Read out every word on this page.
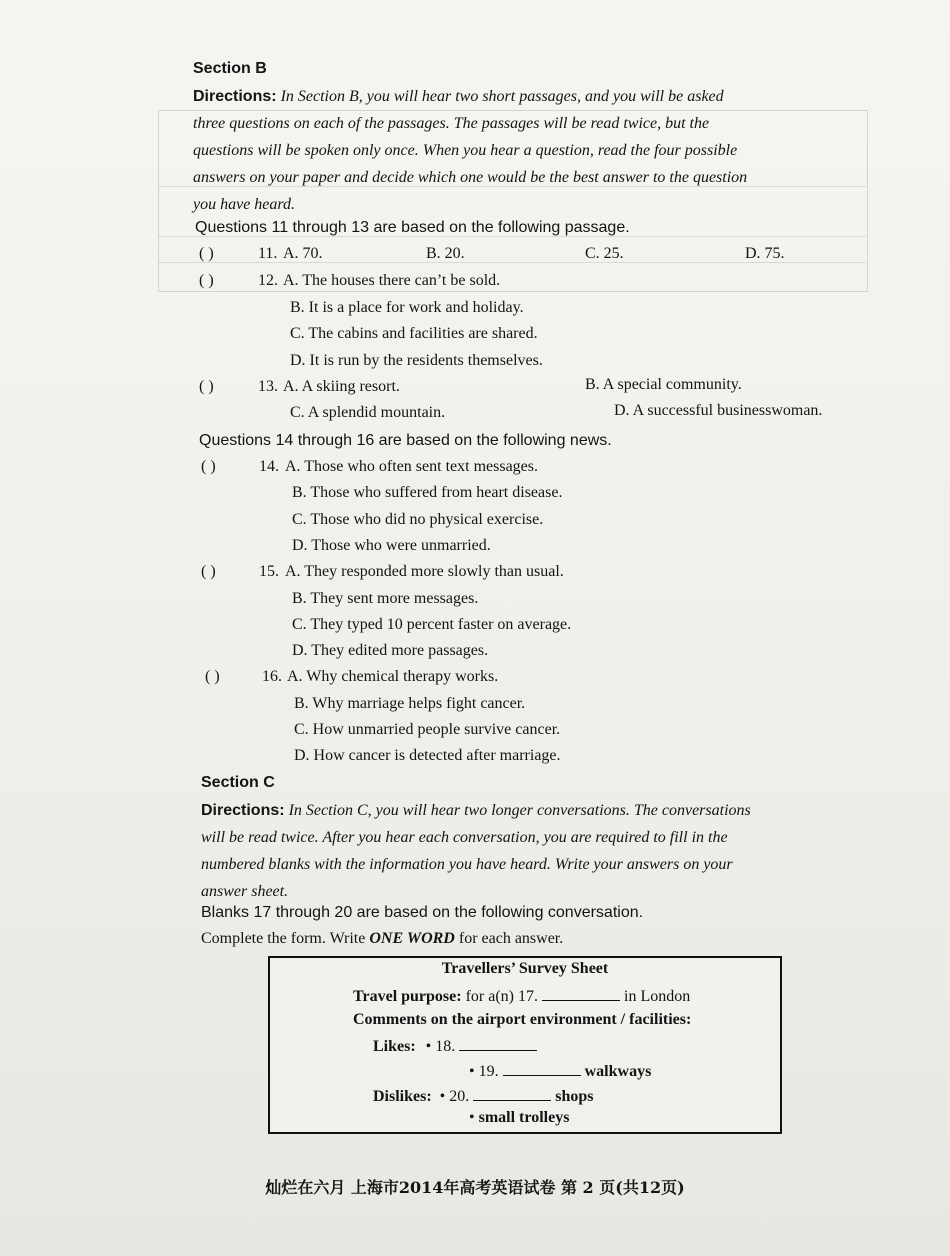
Section B
Directions: In Section B, you will hear two short passages, and you will be asked
three questions on each of the passages. The passages will be read twice, but the
questions will be spoken only once. When you hear a question, read the four possible
answers on your paper and decide which one would be the best answer to the question
you have heard.
Questions 11 through 13 are based on the following passage.
( )	11. A. 70.	B. 20.	C. 25.	D. 75.
( )	12. A. The houses there can’t be sold.
B. It is a place for work and holiday.
C. The cabins and facilities are shared.
D. It is run by the residents themselves.
( )	13. A. A skiing resort.	B. A special community.
C. A splendid mountain.	D. A successful businesswoman.
Questions 14 through 16 are based on the following news.
( )	14. A. Those who often sent text messages.
B. Those who suffered from heart disease.
C. Those who did no physical exercise.
D. Those who were unmarried.
( )	15. A. They responded more slowly than usual.
B. They sent more messages.
C. They typed 10 percent faster on average.
D. They edited more passages.
( )	16. A. Why chemical therapy works.
B. Why marriage helps fight cancer.
C. How unmarried people survive cancer.
D. How cancer is detected after marriage.
Section C
Directions: In Section C, you will hear two longer conversations. The conversations
will be read twice. After you hear each conversation, you are required to fill in the
numbered blanks with the information you have heard. Write your answers on your
answer sheet.
Blanks 17 through 20 are based on the following conversation.
Complete the form. Write ONE WORD for each answer.
Travellers’ Survey Sheet
Travel purpose: for a(n) 17.	in London
Comments on the airport environment / facilities:
Likes: • 18.
• 19.	walkways
Dislikes: • 20.	shops
• small trolleys
灿烂在六月 上海市2014年高考英语试卷 第 2 页(共12页)
